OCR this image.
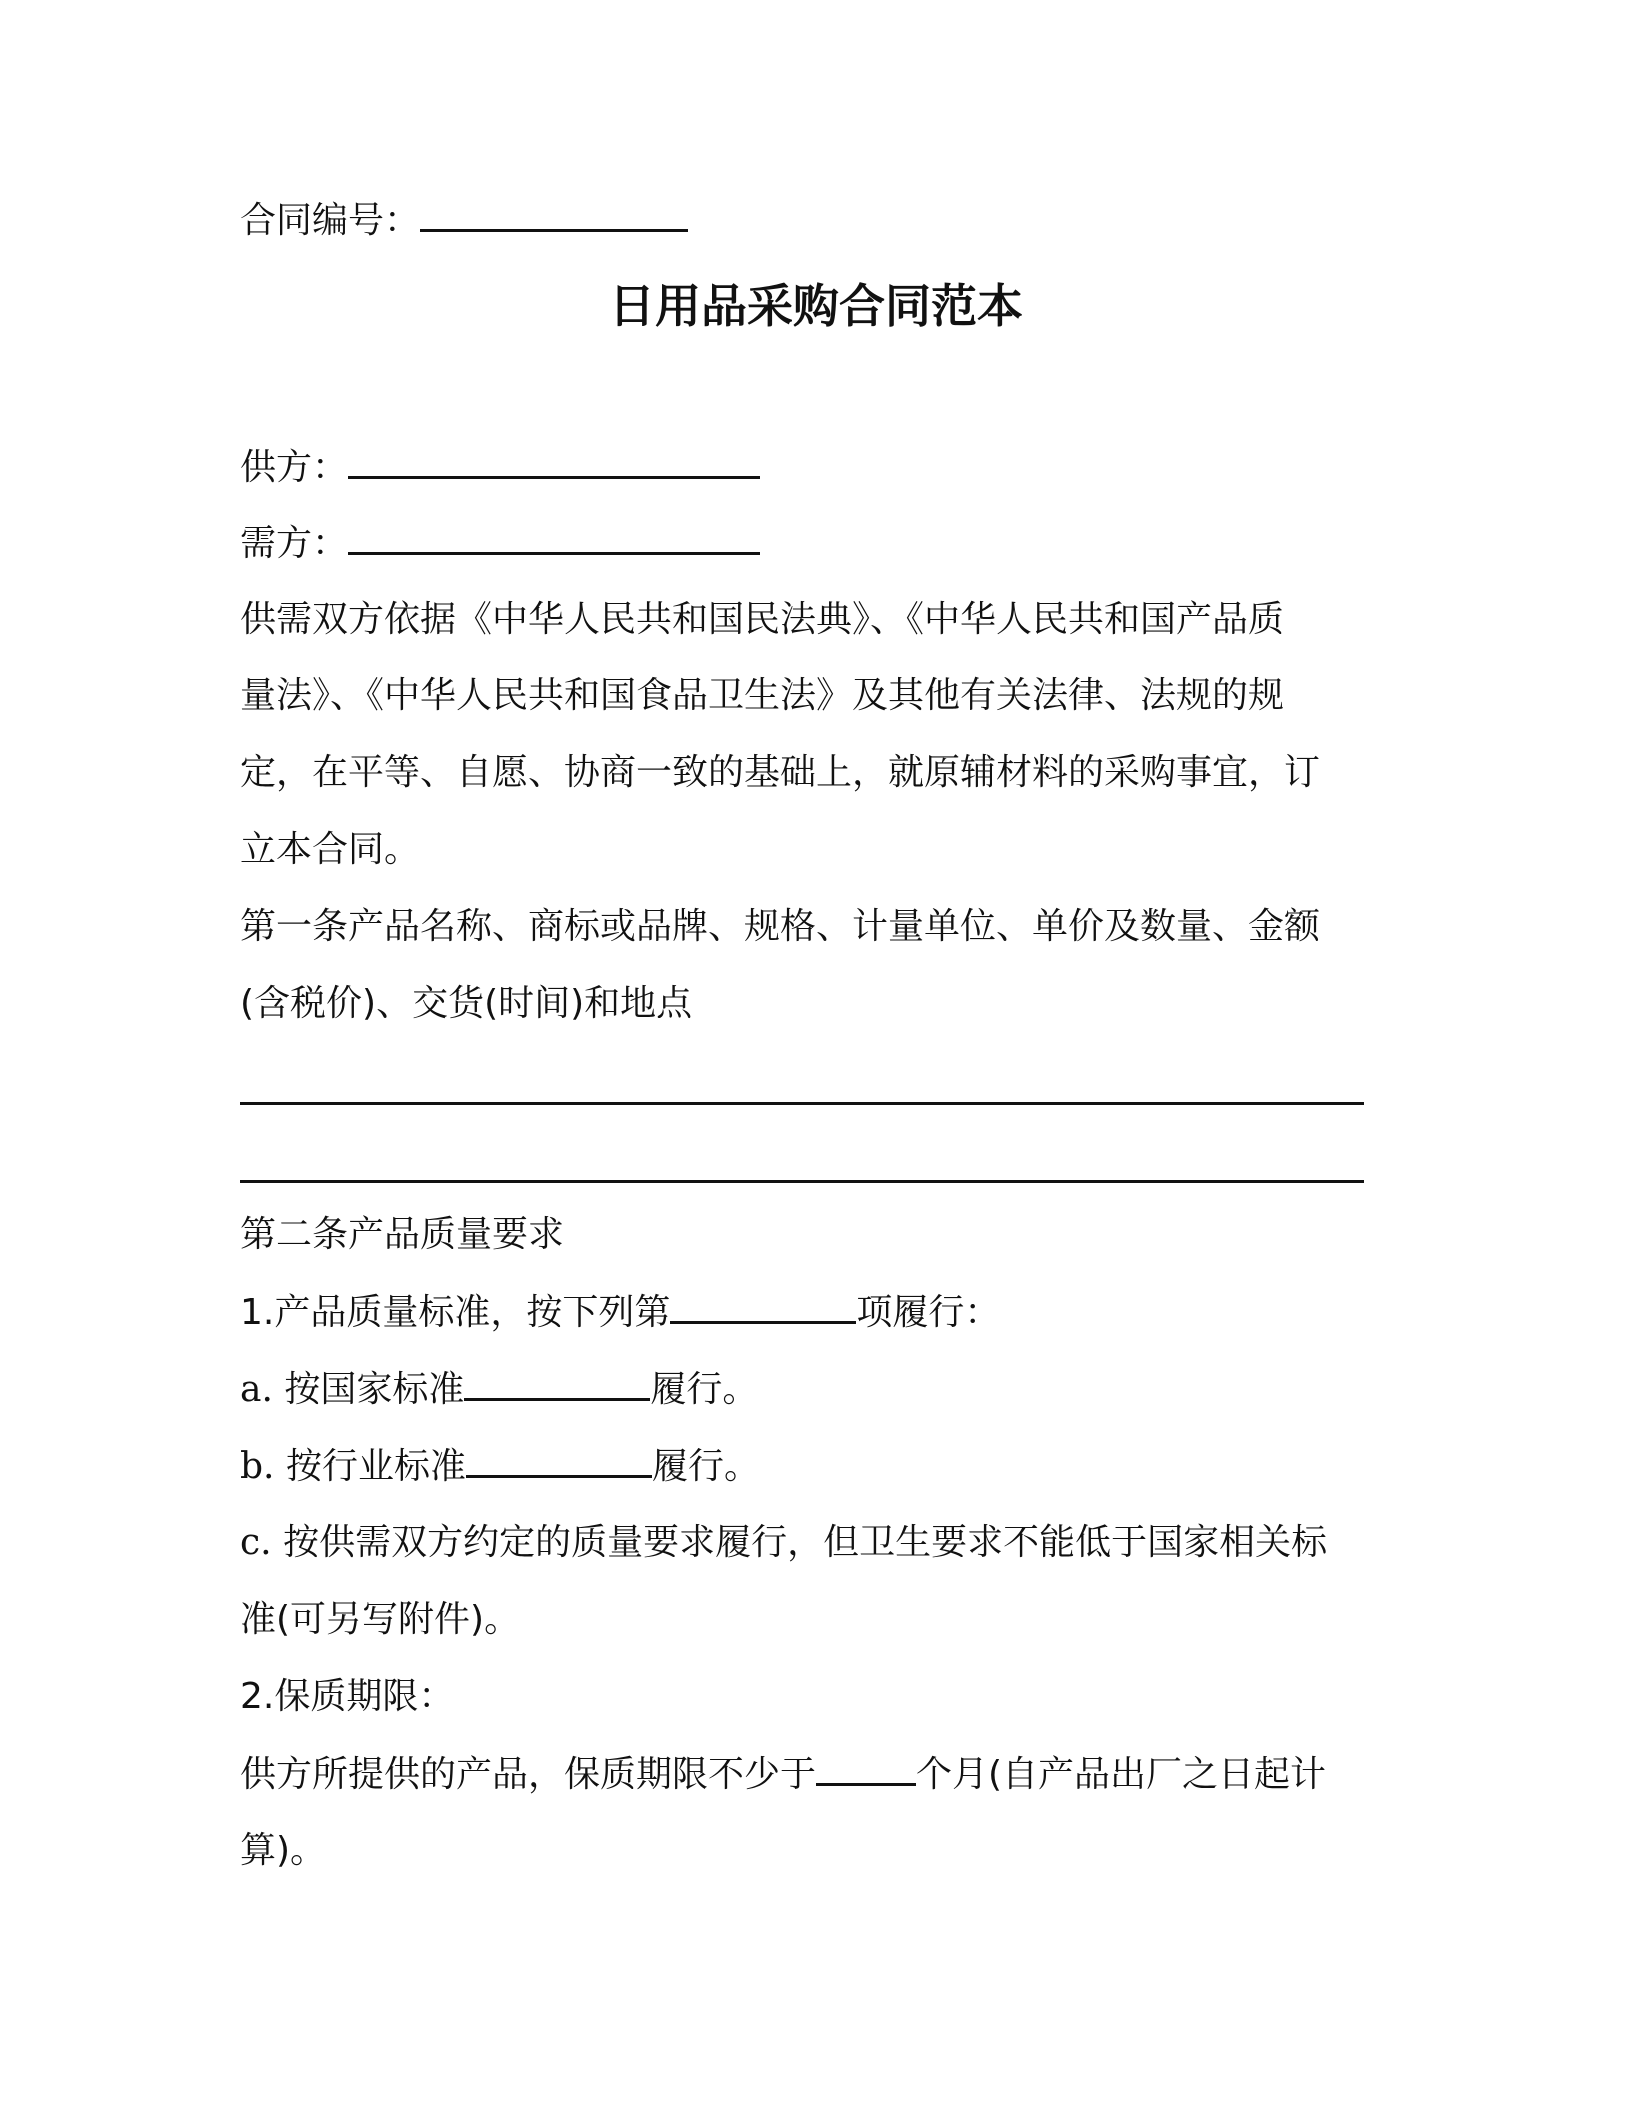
合同编号：
日用品采购合同范本
供方：
需方：
供需双方依据《中华人民共和国民法典》、《中华人民共和国产品质
量法》、《中华人民共和国食品卫生法》及其他有关法律、法规的规
定，在平等、自愿、协商一致的基础上，就原辅材料的采购事宜，订
立本合同。
第一条产品名称、商标或品牌、规格、计量单位、单价及数量、金额
(含税价)、交货(时间)和地点
第二条产品质量要求
1.产品质量标准，按下列第	项履行：
a. 按国家标准	履行。
b. 按行业标准	履行。
c. 按供需双方约定的质量要求履行，但卫生要求不能低于国家相关标
准(可另写附件)。
2.保质期限：
供方所提供的产品，保质期限不少于	个月(自产品出厂之日起计
算)。
